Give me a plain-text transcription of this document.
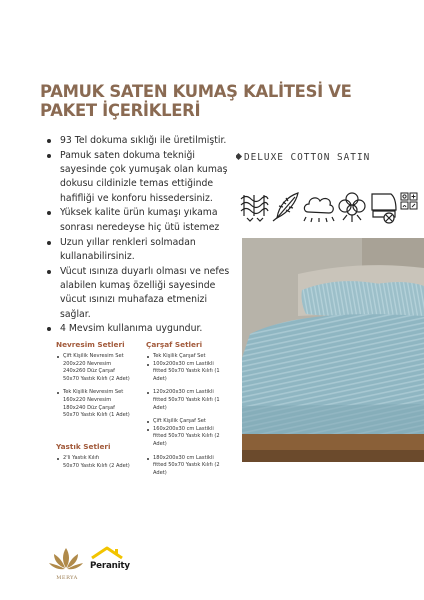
PAMUK SATEN KUMAŞ KALİTESİ VE PAKET İÇERİKLERİ
93 Tel dokuma sıklığı ile üretilmiştir.
Pamuk saten dokuma tekniği sayesinde çok yumuşak olan kumaş dokusu cildinizle temas ettiğinde hafifliği ve konforu hissedersiniz.
Yüksek kalite ürün kumaşı yıkama sonrası neredeyse hiç ütü istemez
Uzun yıllar renkleri solmadan kullanabilirsiniz.
Vücut ısınıza duyarlı olması ve nefes alabilen kumaş özelliği sayesinde vücut ısınızı muhafaza etmenizi sağlar.
4 Mevsim kullanıma uygundur.
DELUXE COTTON SATIN
Nevresim Setleri
Çift Kişilik Nevresim Set
200x220 Nevresim
240x260 Düz Çarşaf
50x70 Yastık Kılıfı (2 Adet)
Tek Kişilik Nevresim Set
160x220 Nevresim
180x240 Düz Çarşaf
50x70 Yastık Kılıfı (1 Adet)
Yastık Setleri
2'li Yastık Kılıfı
50x70 Yastık Kılıfı (2 Adet)
Çarşaf Setleri
Tek Kişilik Çarşaf Set
100x200x30 cm Lastikli
fitted 50x70 Yastık Kılıfı (1
Adet)
120x200x30 cm Lastikli
fitted 50x70 Yastık Kılıfı (1
Adet)
Çift Kişilik Çarşaf Set
160x200x30 cm Lastikli
fitted 50x70 Yastık Kılıfı (2
Adet)
180x200x30 cm Lastikli
fitted 50x70 Yastık Kılıfı (2
Adet)
MERYA
Peranity
